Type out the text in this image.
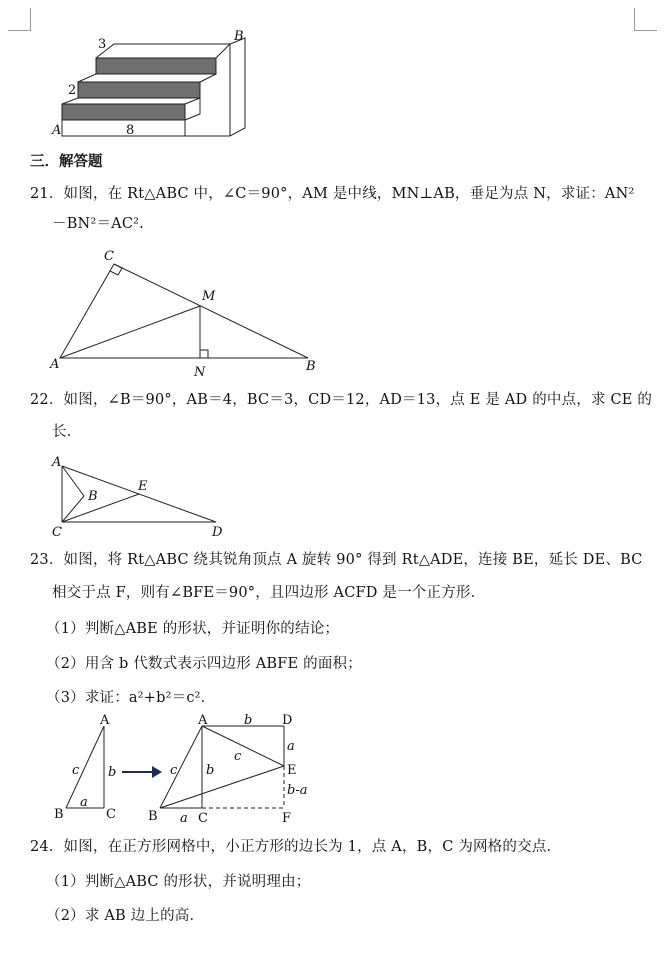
3
2
8
A
B
三．解答题
21．如图，在 Rt△ABC 中，∠C＝90°，AM 是中线，MN⊥AB，垂足为点 N，求证：AN²
－BN²＝AC².
C
M
A
N	B
22．如图，∠B＝90°，AB＝4，BC＝3，CD＝12，AD＝13，点 E 是 AD 的中点，求 CE 的
长．
A
B
E
C	D
23．如图，将 Rt△ABC 绕其锐角顶点 A 旋转 90° 得到 Rt△ADE，连接 BE，延长 DE、BC
相交于点 F，则有∠BFE＝90°，且四边形 ACFD 是一个正方形．
（1）判断△ABE 的形状，并证明你的结论；
（2）用含 b 代数式表示四边形 ABFE 的面积；
（3）求证：a²+b²＝c²．
A
c b
a
B	C
A	D
b
a
E
c
b
c
b-a
B a C	F
24．如图，在正方形网格中，小正方形的边长为 1，点 A，B，C 为网格的交点．
（1）判断△ABC 的形状，并说明理由；
（2）求 AB 边上的高．
